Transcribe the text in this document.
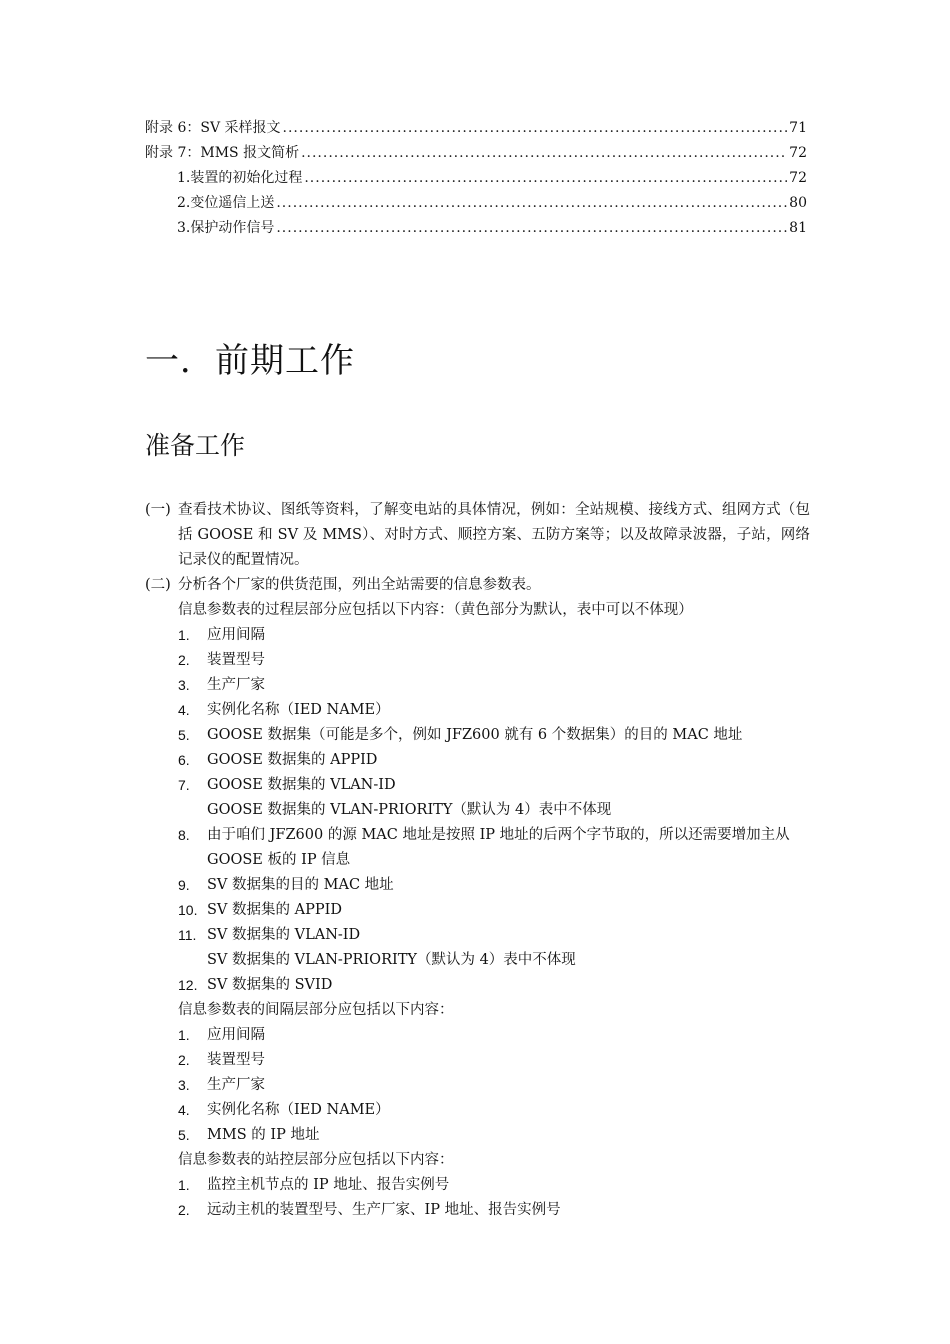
附录 6：SV 采样报文 .....	71
附录 7：MMS 报文简析 .....	72
1.装置的初始化过程 .....	72
2.变位遥信上送 .....	80
3.保护动作信号 .....	81
一．前期工作
准备工作
(一) 查看技术协议、图纸等资料，了解变电站的具体情况，例如：全站规模、接线方式、组网方式（包括 GOOSE 和 SV 及 MMS）、对时方式、顺控方案、五防方案等；以及故障录波器，子站，网络记录仪的配置情况。
(二) 分析各个厂家的供货范围，列出全站需要的信息参数表。
信息参数表的过程层部分应包括以下内容：（黄色部分为默认，表中可以不体现）
1.	应用间隔
2.	装置型号
3.	生产厂家
4.	实例化名称（IED NAME）
5.	GOOSE 数据集（可能是多个，例如 JFZ600 就有 6 个数据集）的目的 MAC 地址
6.	GOOSE 数据集的 APPID
7.	GOOSE 数据集的 VLAN-ID
GOOSE 数据集的 VLAN-PRIORITY（默认为 4）表中不体现
8.	由于咱们 JFZ600 的源 MAC 地址是按照 IP 地址的后两个字节取的，所以还需要增加主从 GOOSE 板的 IP 信息
9.	SV 数据集的目的 MAC 地址
10. SV 数据集的 APPID
11. SV 数据集的 VLAN-ID
SV 数据集的 VLAN-PRIORITY（默认为 4）表中不体现
12. SV 数据集的 SVID
信息参数表的间隔层部分应包括以下内容：
1.	应用间隔
2.	装置型号
3.	生产厂家
4.	实例化名称（IED NAME）
5.	MMS 的 IP 地址
信息参数表的站控层部分应包括以下内容：
1.	监控主机节点的 IP 地址、报告实例号
2.	远动主机的装置型号、生产厂家、IP 地址、报告实例号
